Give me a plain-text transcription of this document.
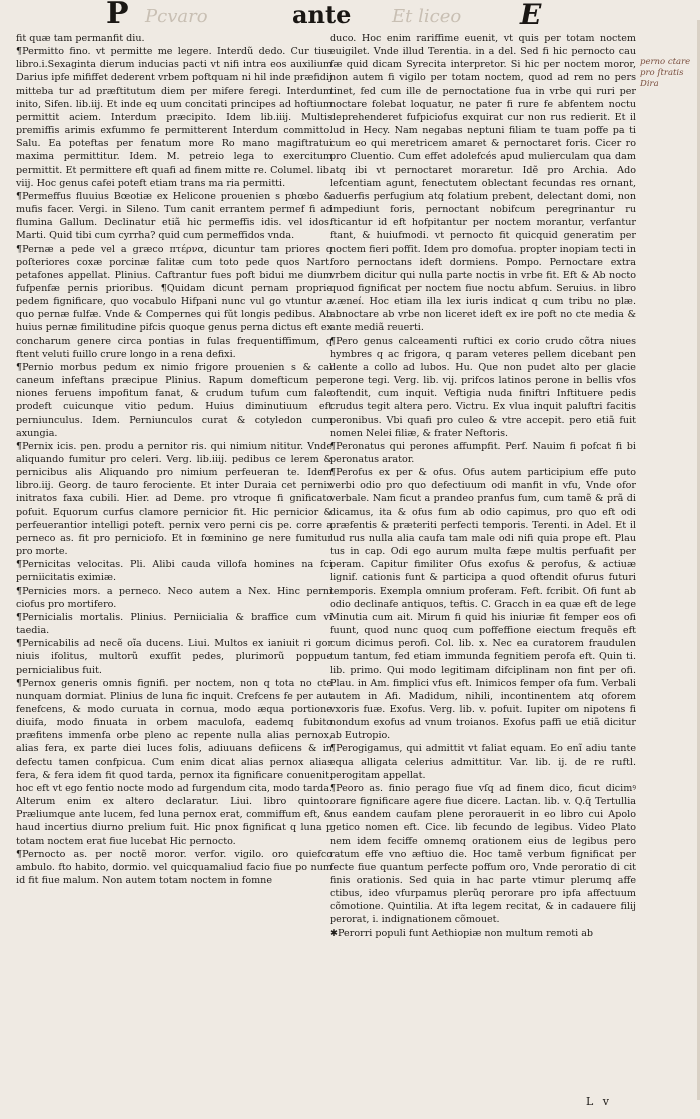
P Pcvaro	ante Et liceo E

fit quæ tam permanfit diu.

¶Permitto fino. vt permitte me legere. Interdũ dedo. Cur tius libro.i.Sexaginta dierum inducias pacti vt nifi intra eos auxilium Darius ipfe mififfet dederent vrbem poftquam ni hil inde præfidij mitteba tur ad præftitutum diem per mifere feregi. Interdum inito, Sifen. lib.iij. Et inde eq uum concitati principes ad hoftium permittit aciem. Interdum præcipito. Idem lib.iiij. Multis premiffis arimis exfummo fe permitterent Interdum committo. Salu. Ea poteftas per fenatum more Ro mano magiftratui maxima permittitur. Idem. M. petreio lega to exercitum permittit. Et permittere eft quafi ad finem mitte re. Columel. lib. viij. Hoc genus cafei poteft etiam trans ma ria permitti.

¶Permeffus fluuius Bœotiæ ex Helicone prouenien s phœbo & mufis facer. Vergi. in Sileno. Tum canit errantem permef fi ad flumina Gallum. Declinatur etiã hic permeffis idis. vel idos. Marti. Quid tibi cum cyrrha? quid cum permeffidos vnda.

¶Pernæ a pede vel a græco πτέρνα, dicuntur tam priores q poſteriores coxæ porcinæ falitæ cum toto pede quos Nart. petafones appellat. Plinius. Caftrantur fues poft bidui me dium fufpenfæ pernis prioribus. ¶Quidam dicunt pernam proprie pedem fignificare, quo vocabulo Hifpani nunc vul go vtuntur a quo pernæ fulfæ. Vnde & Compernes qui fũt longis pedibus. Ab huius pernæ fimilitudine pifcis quoque genus perna dictus eft ex concharum genere circa pontias in fulas frequentiffimum, q ftent veluti fuillo crure longo in a rena defixi.

¶Pernio morbus pedum ex nimio frigore prouenien s & cal caneum infeftans præcipue Plinius. Rapum domefticum per niones feruens impofitum fanat, & crudum tufum cum fale prodeft cuicunque vitio pedum. Huius diminutiuum eft perniunculus. Idem. Perniunculos curat & cotyledon cum axungia.

¶Pernix icis. pen. produ a pernitor ris. qui nimium nititur. Vnde aliquando fumitur pro celeri. Verg. lib.iiij. pedibus ce lerem & pernicibus alis Aliquando pro nimium perfeueran te. Idem libro.iij. Georg. de tauro ferociente. Et inter Duraia cet pernix initratos faxa cubili. Hier. ad Deme. pro vtroque fi gnificato pofuit. Equorum curfus clamore pernicior fit. Hic pernicior & perfeuerantior intelligi poteft. pernix vero perni cis pe. corre a perneco as. fit pro perniciofo. Et in fœminino ge nere fumitur pro morte.

¶Pernicitas velocitas. Pli. Alibi cauda villofa homines na fci perniicitatis eximiæ.

¶Pernicies mors. a perneco. Neco autem a Nex. Hinc perni ciofus pro mortifero.

¶Pernicialis mortalis. Plinius. Perniicialia & braffice cum vi taedia.

¶Pernicabilis ad necẽ oĩa ducens. Liui. Multos ex ianiuit ri gor niuis ifolitus, multorũ exufſit pedes, plurimorũ poppue pernicialibus fuit.

¶Pernox generis omnis fignifi. per noctem, non q tota no cte nunquam dormiat. Plinius de luna fic inquit. Crefcens fe per aut fenefcens, & modo curuata in cornua, modo æqua portione diuifa, modo finuata in orbem maculofa, eademq fubito præfitens immenfa orbe pleno ac repente nulla alias pernox, alias fera, ex parte diei luces folis, adiuuans defiicens & in defectu tamen confpicua. Cum enim dicat alias pernox alias fera, & fera idem fit quod tarda, pernox ita fignificare conuenit. hoc eft vt ego fentio nocte modo ad furgendum cita, modo tarda. Alterum enim ex altero declaratur. Liui. libro quinto. Præliumque ante lucem, fed luna pernox erat, commiffum eft, & haud incertius diurno prelium fuit. Hic pnox fignificat q luna p totam noctem erat fiue lucebat Hic pernocto.

¶Pernocto as. per noctẽ moror. verfor. vigilo. oro quiefco ambulo. fto habito, dormio. vel quicquamaliud facio fiue po num id fit fiue malum. Non autem totam noctem in fomne

duco. Hoc enim rariffime euenit, vt quis per totam noctem euigilet. Vnde illud Terentia. in a del. Sed fi hic pernocto cau fæ quid dicam Syrecita interpretor. Si hic per noctem moror, non autem fi vigilo per totam noctem, quod ad rem no pers tinet, fed cum ille de pernoctatione fua in vrbe qui ruri per noctare folebat loquatur, ne pater fi rure fe abfentem noctu deprehenderet fufpiciofus exquirat cur non rus redierit. Et il lud in Hecy. Nam negabas neptuni filiam te tuam poffe pa ti cum eo qui meretricem amaret & pernoctaret foris. Cicer ro pro Cluentio. Cum effet adolefcés apud mulierculam qua dam atq ibi vt pernoctaret moraretur. Idẽ pro Archia. Ado lefcentiam agunt, fenectutem oblectant fecundas res ornant, aduerfis perfugium atq folatium prebent, delectant domi, non impediunt foris, pernoctant nobifcum peregrinantur ru fticantur id eft hofpitantur per noctem morantur, verfantur ftant, & huiufmodi. vt pernocto fit quicquid generatim per noctem fieri poffit. Idem pro domofua. propter inopiam tecti in foro pernoctans ideft dormiens. Pompo. Pernoctare extra vrbem dicitur qui nulla parte noctis in vrbe fit. Eft & Ab nocto quod fignificat per noctem fiue noctu abfum. Seruius. in libro v.æneí. Hoc etiam illa lex iuris indicat q cum tribu no plæ. abnoctare ab vrbe non liceret ideft ex ire poft no cte media & ante mediã reuerti.

¶Pero genus calceamenti ruftici ex corio crudo cõtra niues hymbres q ac frigora, q param veteres pellem dicebant pen dente a collo ad lubos. Hu. Que non pudet alto per glacie perone tegi. Verg. lib. vij. prifcos latinos perone in bellis vfos oftendit, cum inquit. Veftigia nuda finiftri Inftituere pedis crudus tegit altera pero. Victru. Ex vlua inquit paluftri facitis peronibus. Vbi quafi pro culeo & vtre accepit. pero etiã fuit nomen Nelei filiæ, & frater Neftoris.

¶Peronatus qui perones affumpfit. Perf. Nauim fi pofcat fi bi peronatus arator.

¶Perofus ex per & ofus. Ofus autem participium effe puto verbi odio pro quo defectiuum odi manfit in vfu, Vnde ofor verbale. Nam ficut a prandeo pranfus fum, cum tamẽ & prã di dicamus, ita & ofus fum ab odio capimus, pro quo eft odi præfentis & præteriti perfecti temporis. Terenti. in Adel. Et il lud rus nulla alia caufa tam male odi nifi quia prope eft. Plau tus in cap. Odi ego aurum multa fæpe multis perfuafit per peram. Capitur fimiliter Ofus exofus & perofus, & actiuæ lignif. cationis funt & participa a quod oftendit ofurus futuri temporis. Exempla omnium proferam. Feft. fcribit. Ofi funt ab odio declinafe antiquos, teftis. C. Gracch in ea quæ eft de lege Minutia cum ait. Mirum fi quid his iniuriæ fit femper eos ofi fuunt, quod nunc quoq cum poffeffione eiectum frequẽs eft cum dicimus perofi. Col. lib. x. Nec ea curatorem fraudulen tum tantum, fed etiam immunda fegnitiem perofa eft. Quin ti. lib. primo. Qui modo legitimam difciplinam non fint per ofi. Plau. in Am. fimplici vfus eft. Inimicos femper ofa fum. Verbali autem in Afi. Madidum, nihili, incontinentem atq oforem vxoris fuæ. Exofus. Verg. lib. v. pofuit. Iupiter om nipotens fi nondum exofus ad vnum troianos. Exofus paffi ue etiã dicitur ab Eutropio.

¶Perogigamus, qui admittit vt faliat equam. Eo enĩ adiu tante equa alligata celerius admittitur. Var. lib. ij. de re ruftl. perogitam appellat.

¶Peoro as. finio perago fiue vſq ad finem dico, ficut dicimꝰ orare fignificare agere fiue dicere. Lactan. lib. v. Q.q̃ Tertullia nus eandem caufam plene perorauerit in eo libro cui Apolo getico nomen eft. Cice. lib fecundo de legibus. Video Plato nem idem feciffe omnemq orationem eius de legibus pero ratum effe vno æftiuo die. Hoc tamẽ verbum fignificat per fecte fiue quantum perfecte poffum oro, Vnde peroratio di cit finis orationis. Sed quia in hac parte vtimur plerumq affe ctibus, ideo vfurpamus plerũq perorare pro ipfa affectuum cõmotione. Quintilia. At ifta legem recitat, & in cadauere filij perorat, i. indignationem cõmouet.

✱Perorri populi funt Aethiopiæ non multum remoti ab

perno ctare
pro ſtratis
Dira
L v
